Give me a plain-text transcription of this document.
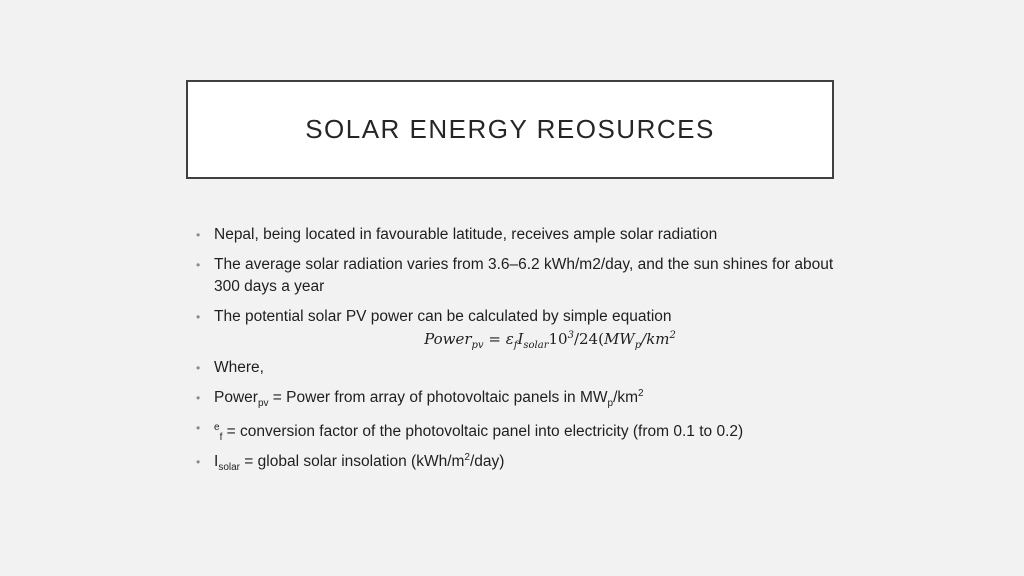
SOLAR ENERGY REOSURCES
• Nepal, being located in favourable latitude, receives ample solar radiation
• The average solar radiation varies from 3.6–6.2 kWh/m2/day, and the sun shines for about 300 days a year
• The potential solar PV power can be calculated by simple equation
Power$_{pv}$ = $\varepsilon_fI_{solar}10^3/24(MW_p/km^2$
• Where,
• Power$_{pv}$ = Power from array of photovoltaic panels in $MW_p/km^2$
• $^e_f$ = conversion factor of the photovoltaic panel into electricity (from 0.1 to 0.2)
• $I_{solar}$ = global solar insolation $(kWh/m^2/day)$
